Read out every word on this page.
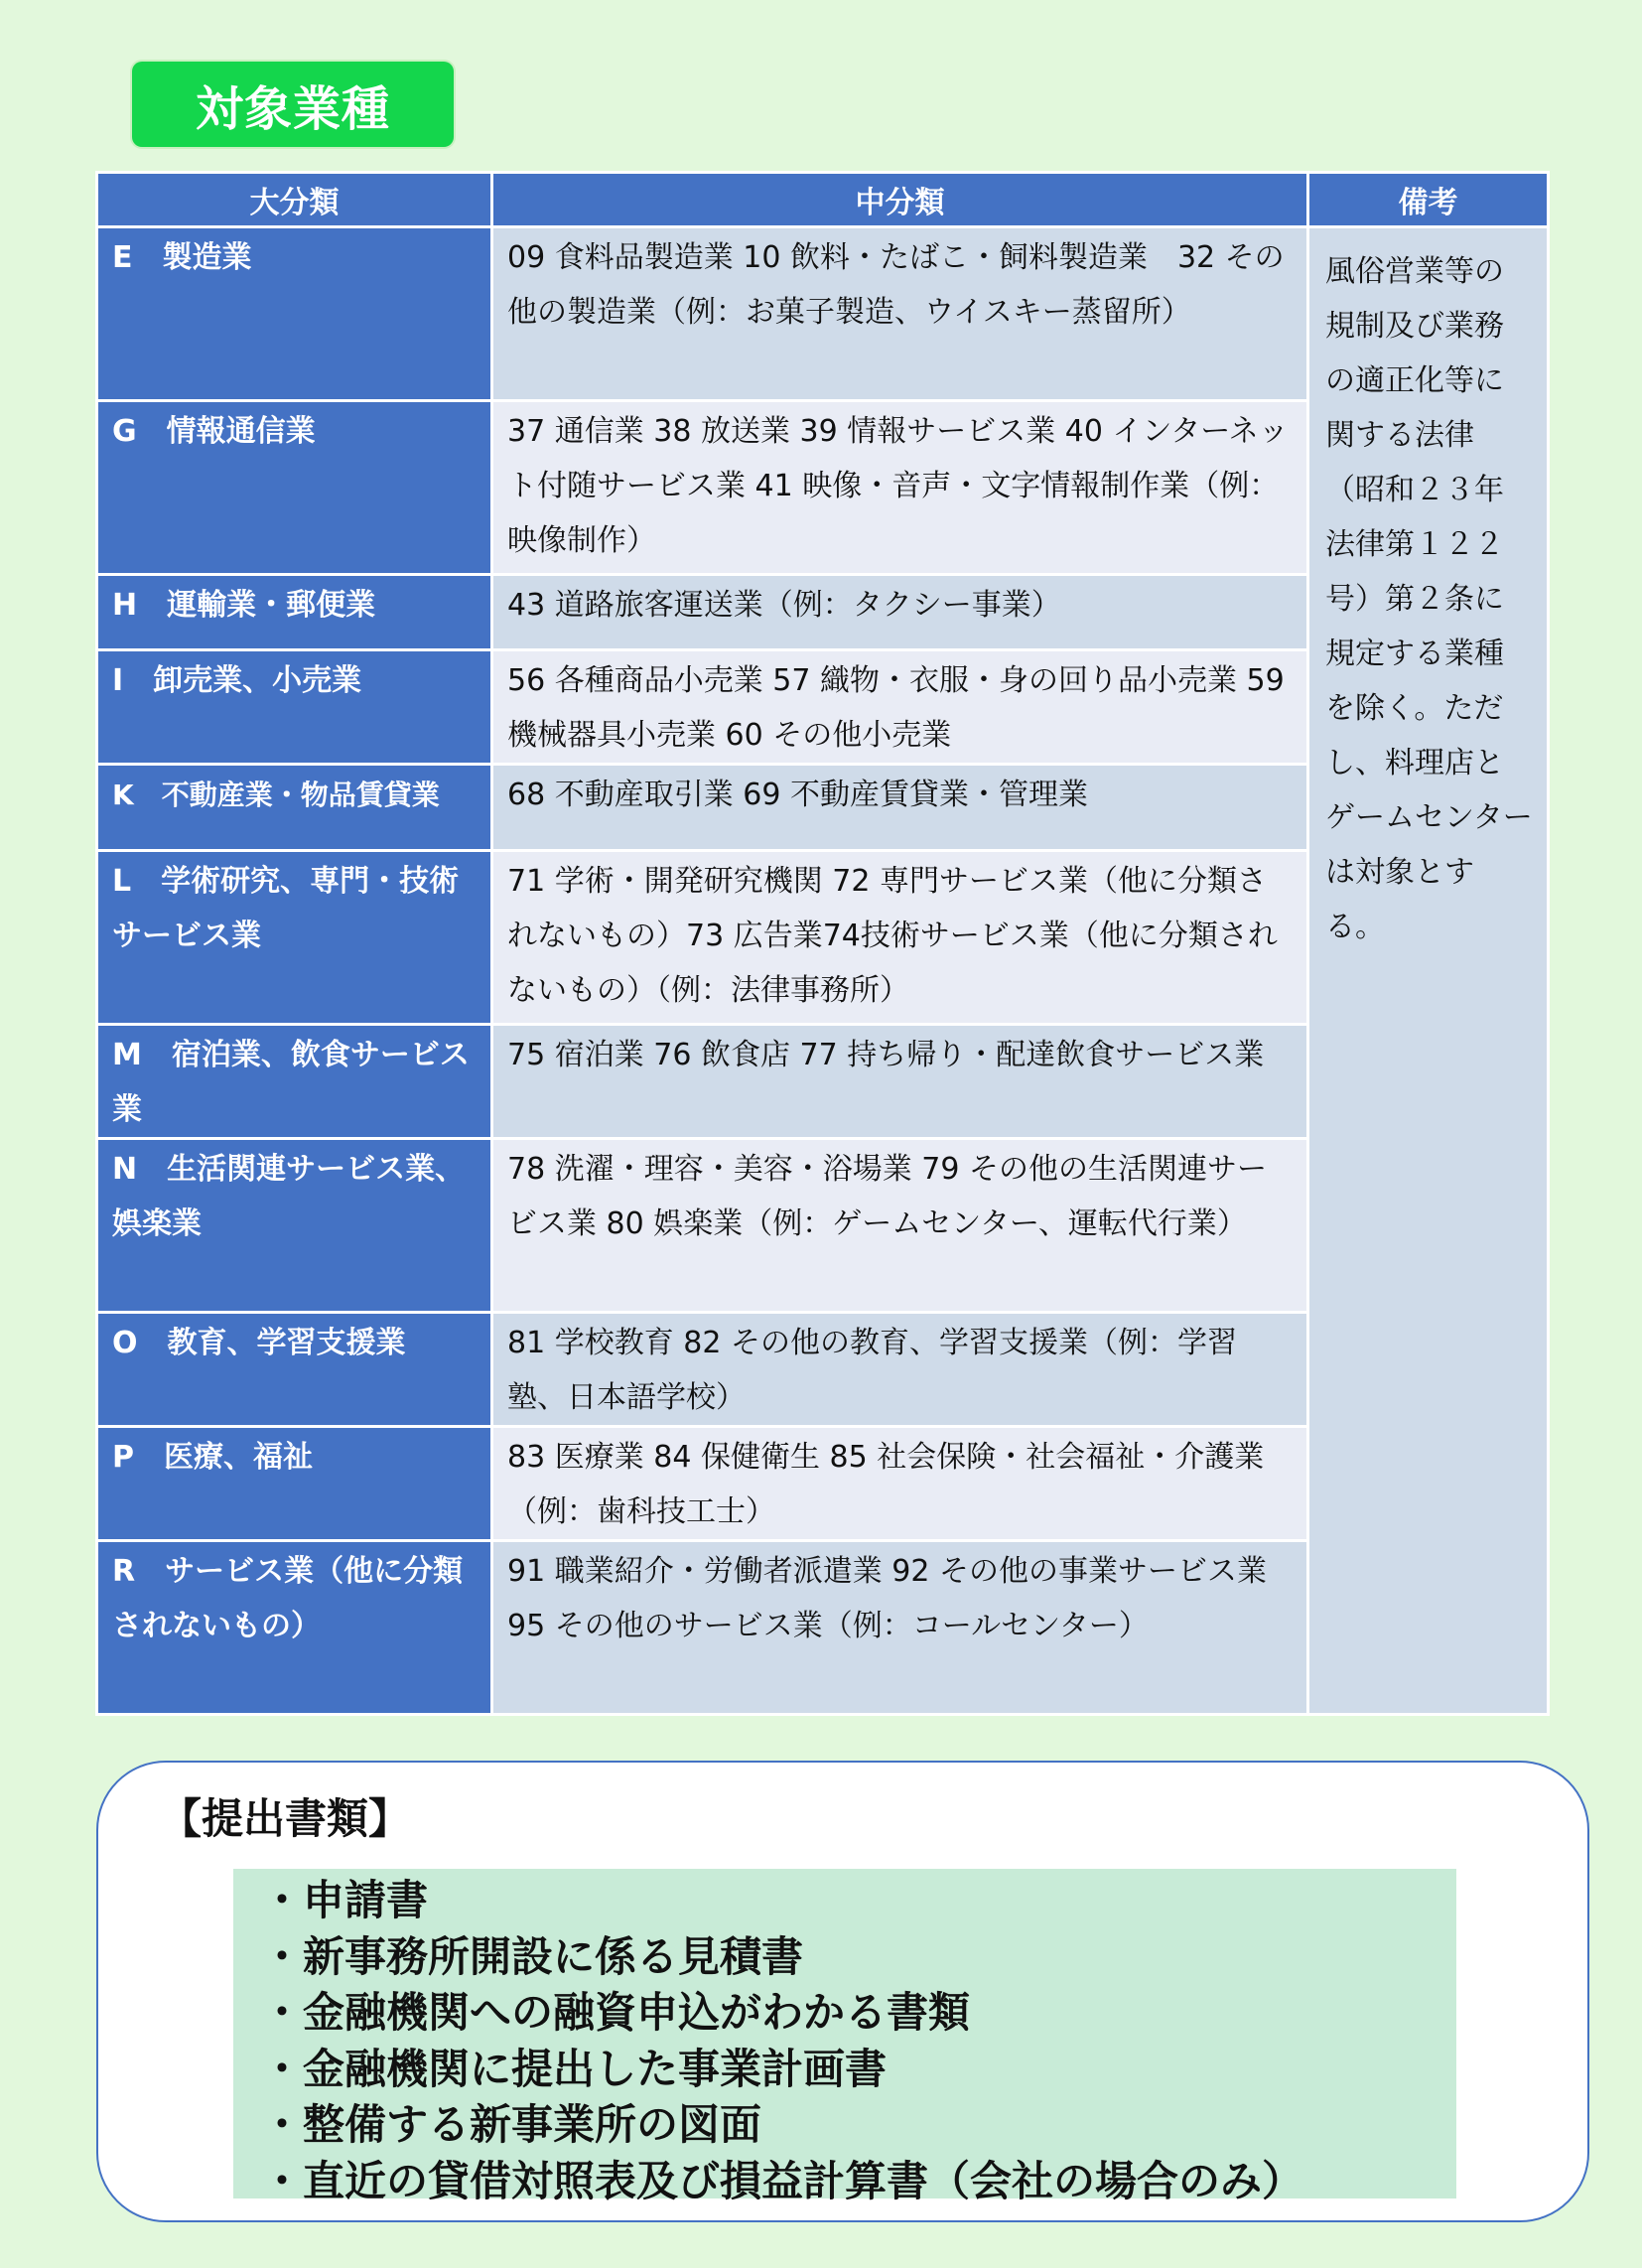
対象業種
大分類	中分類	備考
E　製造業	09 食料品製造業 10 飲料・たばこ・飼料製造業　32 その他の製造業（例：お菓子製造、ウイスキー蒸留所）	風俗営業等の規制及び業務の適正化等に関する法律（昭和２３年法律第１２２号）第２条に規定する業種を除く。ただし、料理店とゲームセンターは対象とする。
G　情報通信業	37 通信業 38 放送業 39 情報サービス業 40 インターネット付随サービス業 41 映像・音声・文字情報制作業（例：映像制作）	
H　運輸業・郵便業	43 道路旅客運送業（例：タクシー事業）	
I　卸売業、小売業	56 各種商品小売業 57 織物・衣服・身の回り品小売業 59 機械器具小売業 60 その他小売業	
K　不動産業・物品賃貸業	68 不動産取引業 69 不動産賃貸業・管理業	
L　学術研究、専門・技術サービス業	71 学術・開発研究機関 72 専門サービス業（他に分類されないもの）73 広告業74技術サービス業（他に分類されないもの）（例：法律事務所）	
M　宿泊業、飲食サービス業	75 宿泊業 76 飲食店 77 持ち帰り・配達飲食サービス業	
N　生活関連サービス業、娯楽業	78 洗濯・理容・美容・浴場業 79 その他の生活関連サービス業 80 娯楽業（例：ゲームセンター、運転代行業）	
O　教育、学習支援業	81 学校教育 82 その他の教育、学習支援業（例：学習塾、日本語学校）	
P　医療、福祉	83 医療業 84 保健衛生 85 社会保険・社会福祉・介護業（例：歯科技工士）	
R　サービス業（他に分類されないもの）	91 職業紹介・労働者派遣業 92 その他の事業サービス業　95 その他のサービス業（例：コールセンター）	
【提出書類】
・ 申請書
・ 新事務所開設に係る見積書
・ 金融機関への融資申込がわかる書類
・ 金融機関に提出した事業計画書
・ 整備する新事業所の図面
・ 直近の貸借対照表及び損益計算書（会社の場合のみ）
